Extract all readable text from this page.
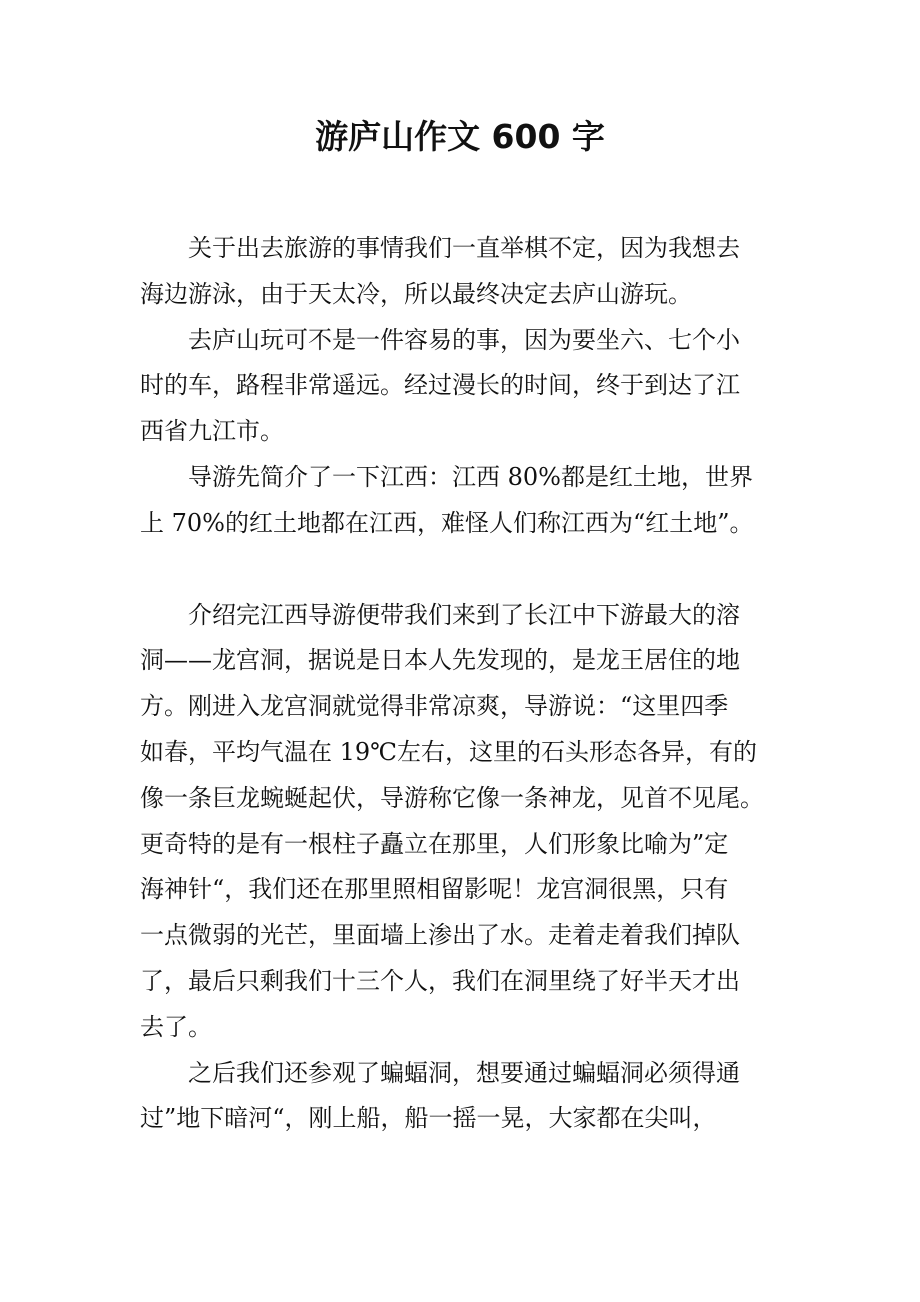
游庐山作文 600 字

关于出去旅游的事情我们一直举棋不定，因为我想去
海边游泳，由于天太冷，所以最终决定去庐山游玩。

去庐山玩可不是一件容易的事，因为要坐六、七个小
时的车，路程非常遥远。经过漫长的时间，终于到达了江
西省九江市。

导游先简介了一下江西：江西 80%都是红土地，世界
上 70%的红土地都在江西，难怪人们称江西为“红土地”。

介绍完江西导游便带我们来到了长江中下游最大的溶
洞——龙宫洞，据说是日本人先发现的，是龙王居住的地
方。刚进入龙宫洞就觉得非常凉爽，导游说：“这里四季
如春，平均气温在 19℃左右，这里的石头形态各异，有的
像一条巨龙蜿蜒起伏，导游称它像一条神龙，见首不见尾。
更奇特的是有一根柱子矗立在那里，人们形象比喻为”定
海神针“，我们还在那里照相留影呢！龙宫洞很黑，只有
一点微弱的光芒，里面墙上渗出了水。走着走着我们掉队
了，最后只剩我们十三个人，我们在洞里绕了好半天才出
去了。

之后我们还参观了蝙蝠洞，想要通过蝙蝠洞必须得通
过”地下暗河“，刚上船，船一摇一晃，大家都在尖叫，
